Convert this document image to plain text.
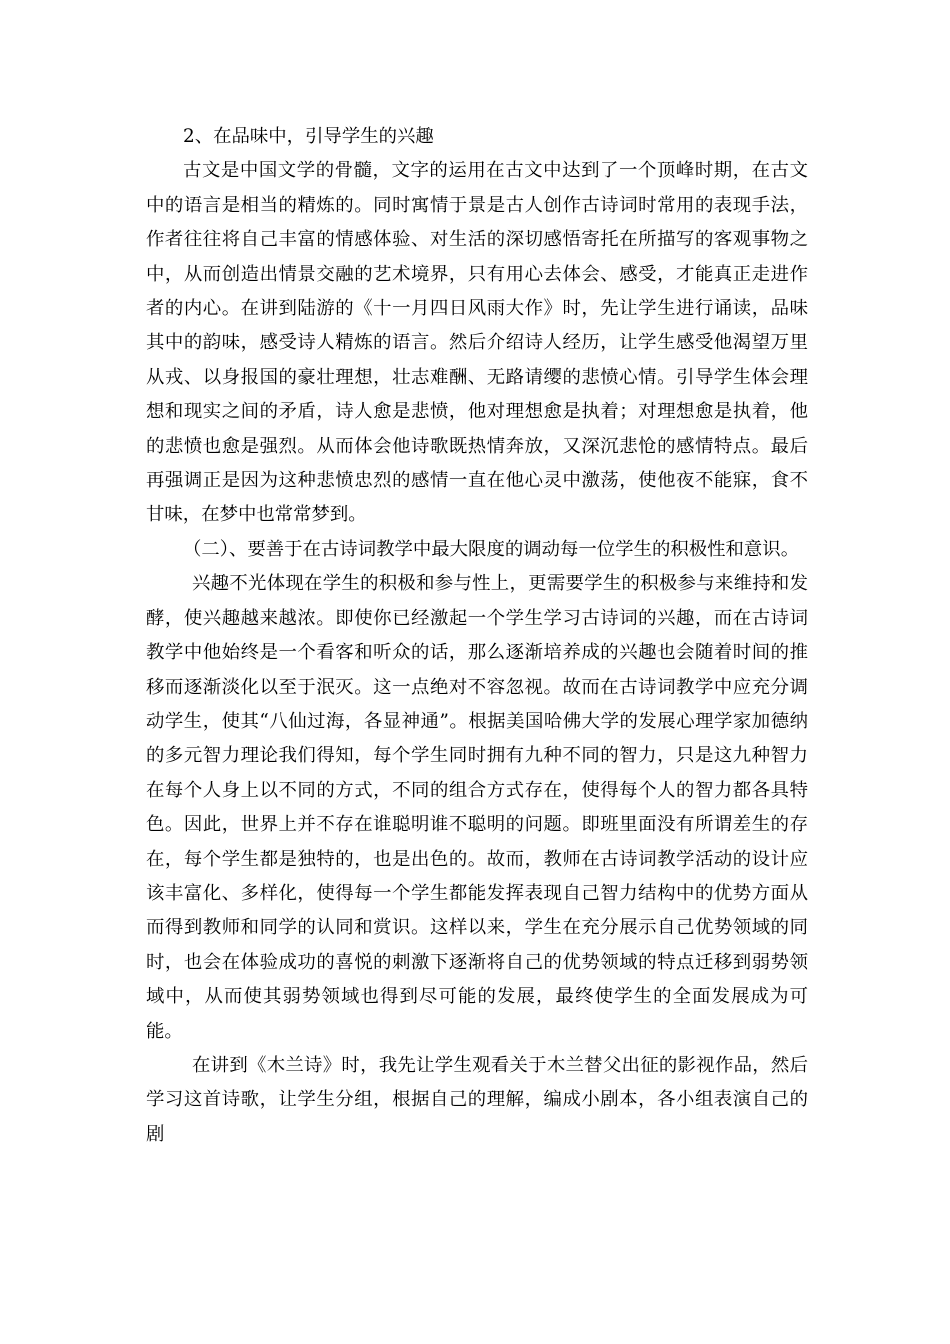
2、在品味中，引导学生的兴趣

古文是中国文学的骨髓，文字的运用在古文中达到了一个顶峰时期，在古文中的语言是相当的精炼的。同时寓情于景是古人创作古诗词时常用的表现手法，作者往往将自己丰富的情感体验、对生活的深切感悟寄托在所描写的客观事物之中，从而创造出情景交融的艺术境界，只有用心去体会、感受，才能真正走进作者的内心。在讲到陆游的《十一月四日风雨大作》时，先让学生进行诵读，品味其中的韵味，感受诗人精炼的语言。然后介绍诗人经历，让学生感受他渴望万里从戎、以身报国的豪壮理想，壮志难酬、无路请缨的悲愤心情。引导学生体会理想和现实之间的矛盾，诗人愈是悲愤，他对理想愈是执着；对理想愈是执着，他的悲愤也愈是强烈。从而体会他诗歌既热情奔放，又深沉悲怆的感情特点。最后再强调正是因为这种悲愤忠烈的感情一直在他心灵中激荡，使他夜不能寐，食不甘味，在梦中也常常梦到。

（二）、要善于在古诗词教学中最大限度的调动每一位学生的积极性和意识。

兴趣不光体现在学生的积极和参与性上，更需要学生的积极参与来维持和发酵，使兴趣越来越浓。即使你已经激起一个学生学习古诗词的兴趣，而在古诗词教学中他始终是一个看客和听众的话，那么逐渐培养成的兴趣也会随着时间的推移而逐渐淡化以至于泯灭。这一点绝对不容忽视。故而在古诗词教学中应充分调动学生，使其“八仙过海，各显神通”。根据美国哈佛大学的发展心理学家加德纳的多元智力理论我们得知，每个学生同时拥有九种不同的智力，只是这九种智力在每个人身上以不同的方式，不同的组合方式存在，使得每个人的智力都各具特色。因此，世界上并不存在谁聪明谁不聪明的问题。即班里面没有所谓差生的存在，每个学生都是独特的，也是出色的。故而，教师在古诗词教学活动的设计应该丰富化、多样化，使得每一个学生都能发挥表现自己智力结构中的优势方面从而得到教师和同学的认同和赏识。这样以来，学生在充分展示自己优势领域的同时，也会在体验成功的喜悦的刺激下逐渐将自己的优势领域的特点迁移到弱势领域中，从而使其弱势领域也得到尽可能的发展，最终使学生的全面发展成为可能。

在讲到《木兰诗》时，我先让学生观看关于木兰替父出征的影视作品，然后学习这首诗歌，让学生分组，根据自己的理解，编成小剧本，各小组表演自己的剧
